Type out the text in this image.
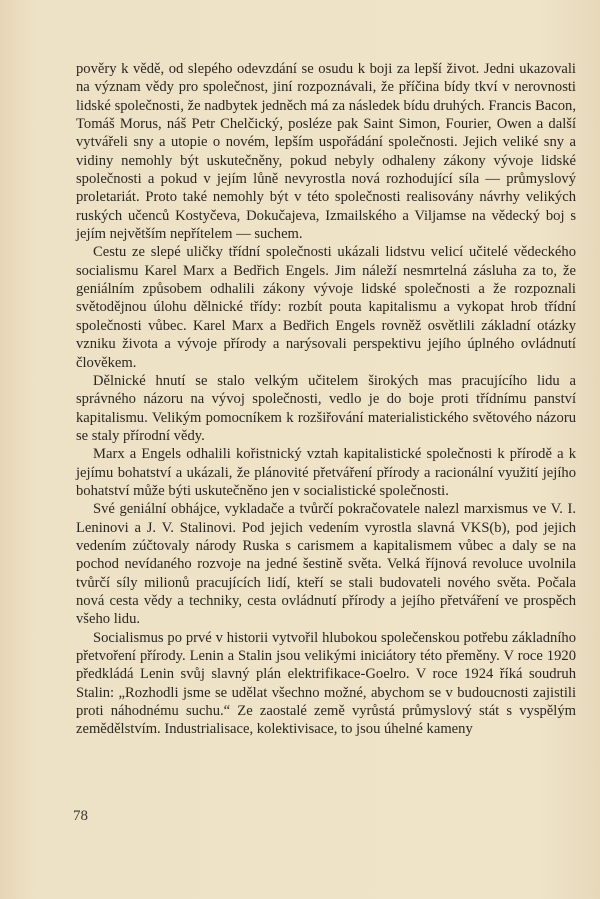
pověry k vědě, od slepého odevzdání se osudu k boji za lepší život. Jedni ukazovali na význam vědy pro společnost, jiní rozpoznávali, že příčina bídy tkví v nerovnosti lidské společnosti, že nadbytek jedněch má za následek bídu druhých. Francis Bacon, Tomáš Morus, náš Petr Chelčický, posléze pak Saint Simon, Fourier, Owen a další vytvářeli sny a utopie o novém, lepším uspořádání společnosti. Jejich veliké sny a vidiny nemohly být uskutečněny, pokud nebyly odhaleny zákony vývoje lidské společnosti a pokud v jejím lůně nevyrostla nová rozhodující síla — průmyslový proletariát. Proto také nemohly být v této společnosti realisovány návrhy velikých ruských učenců Kostyčeva, Dokučajeva, Izmailského a Viljamse na vědecký boj s jejím největším nepřítelem — suchem.

Cestu ze slepé uličky třídní společnosti ukázali lidstvu velicí učitelé vědeckého socialismu Karel Marx a Bedřich Engels. Jim náleží nesmrtelná zásluha za to, že geniálním způsobem odhalili zákony vývoje lidské společnosti a že rozpoznali světodějnou úlohu dělnické třídy: rozbít pouta kapitalismu a vykopat hrob třídní společnosti vůbec. Karel Marx a Bedřich Engels rovněž osvětlili základní otázky vzniku života a vývoje přírody a narýsovali perspektivu jejího úplného ovládnutí člověkem.

Dělnické hnutí se stalo velkým učitelem širokých mas pracujícího lidu a správného názoru na vývoj společnosti, vedlo je do boje proti třídnímu panství kapitalismu. Velikým pomocníkem k rozšiřování materialistického světového názoru se staly přírodní vědy.

Marx a Engels odhalili kořistnický vztah kapitalistické společnosti k přírodě a k jejímu bohatství a ukázali, že plánovité přetváření přírody a racionální využití jejího bohatství může býti uskutečněno jen v socialistické společnosti.

Své geniální obhájce, vykladače a tvůrčí pokračovatele nalezl marxismus ve V. I. Leninovi a J. V. Stalinovi. Pod jejich vedením vyrostla slavná VKS(b), pod jejich vedením zúčtovaly národy Ruska s carismem a kapitalismem vůbec a daly se na pochod nevídaného rozvoje na jedné šestině světa. Velká říjnová revoluce uvolnila tvůrčí síly milionů pracujících lidí, kteří se stali budovateli nového světa. Počala nová cesta vědy a techniky, cesta ovládnutí přírody a jejího přetváření ve prospěch všeho lidu.

Socialismus po prvé v historii vytvořil hlubokou společenskou potřebu základního přetvoření přírody. Lenin a Stalin jsou velikými iniciátory této přeměny. V roce 1920 předkládá Lenin svůj slavný plán elektrifikace-Goelro. V roce 1924 říká soudruh Stalin: „Rozhodli jsme se udělat všechno možné, abychom se v budoucnosti zajistili proti náhodnému suchu.“ Ze zaostalé země vyrůstá průmyslový stát s vyspělým zemědělstvím. Industrialisace, kolektivisace, to jsou úhelné kameny

78
